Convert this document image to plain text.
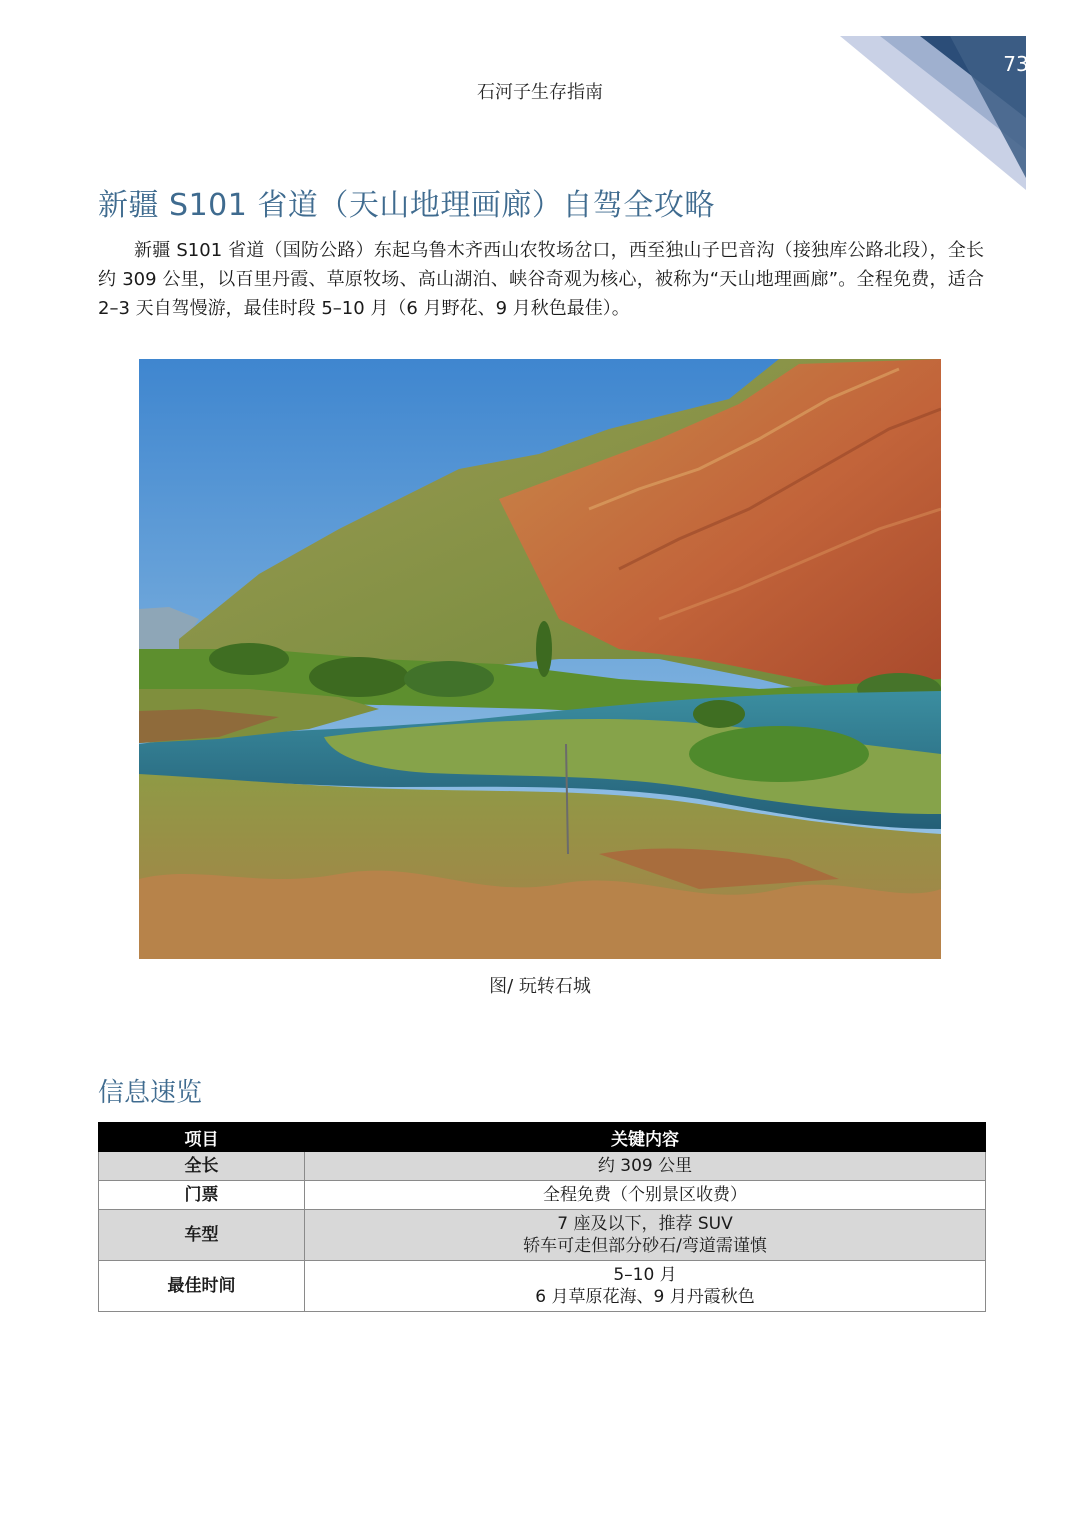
73
石河子生存指南
新疆 S101 省道（天山地理画廊）自驾全攻略

新疆 S101 省道（国防公路）东起乌鲁木齐西山农牧场岔口，西至独山子巴音沟（接独库公路北段），全长约 309 公里，以百里丹霞、草原牧场、高山湖泊、峡谷奇观为核心，被称为“天山地理画廊”。全程免费，适合 2–3 天自驾慢游，最佳时段 5–10 月（6 月野花、9 月秋色最佳）。

图/ 玩转石城
信息速览
项目	关键内容
全长	约 309 公里

门票	全程免费（个别景区收费）

车型	7 座及以下，推荐 SUV
轿车可走但部分砂石/弯道需谨慎

最佳时间	5–10 月
6 月草原花海、9 月丹霞秋色
